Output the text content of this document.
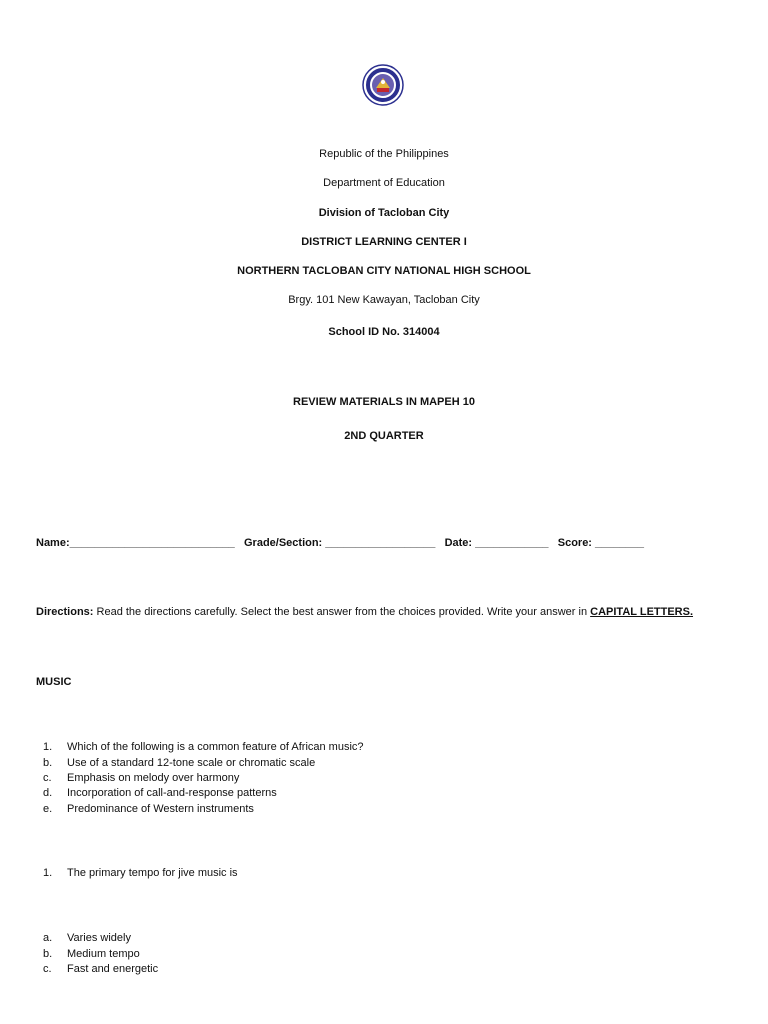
Republic of the Philippines
Department of Education
Division of Tacloban City
DISTRICT LEARNING CENTER I
NORTHERN TACLOBAN CITY NATIONAL HIGH SCHOOL
Brgy. 101 New Kawayan, Tacloban City
School ID No. 314004
REVIEW MATERIALS IN MAPEH 10
2ND QUARTER
Name:___________________________ Grade/Section: __________________ Date: ____________ Score: ________
Directions: Read the directions carefully. Select the best answer from the choices provided. Write your answer in CAPITAL LETTERS.
MUSIC
1. Which of the following is a common feature of African music?
b. Use of a standard 12-tone scale or chromatic scale
c. Emphasis on melody over harmony
d. Incorporation of call-and-response patterns
e. Predominance of Western instruments
1. The primary tempo for jive music is
a. Varies widely
b. Medium tempo
c. Fast and energetic
